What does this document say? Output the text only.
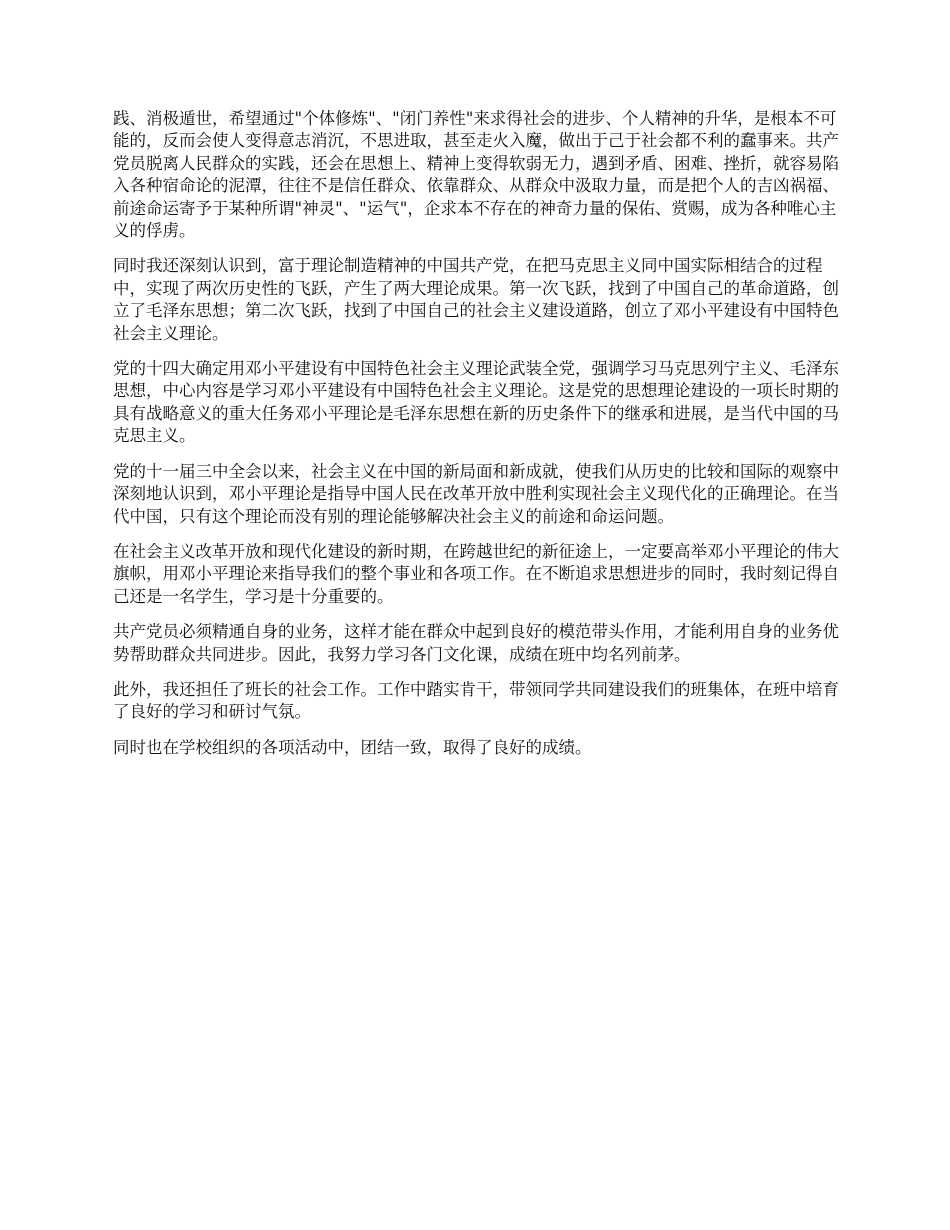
践、消极遁世，希望通过"个体修炼"、"闭门养性"来求得社会的进步、个人精神的升华，是根本不可能的，反而会使人变得意志消沉，不思进取，甚至走火入魔，做出于己于社会都不利的蠢事来。共产党员脱离人民群众的实践，还会在思想上、精神上变得软弱无力，遇到矛盾、困难、挫折，就容易陷入各种宿命论的泥潭，往往不是信任群众、依靠群众、从群众中汲取力量，而是把个人的吉凶祸福、前途命运寄予于某种所谓"神灵"、"运气"，企求本不存在的神奇力量的保佑、赏赐，成为各种唯心主义的俘虏。

同时我还深刻认识到，富于理论制造精神的中国共产党，在把马克思主义同中国实际相结合的过程中，实现了两次历史性的飞跃，产生了两大理论成果。第一次飞跃，找到了中国自己的革命道路，创立了毛泽东思想；第二次飞跃，找到了中国自己的社会主义建设道路，创立了邓小平建设有中国特色社会主义理论。

党的十四大确定用邓小平建设有中国特色社会主义理论武装全党，强调学习马克思列宁主义、毛泽东思想，中心内容是学习邓小平建设有中国特色社会主义理论。这是党的思想理论建设的一项长时期的具有战略意义的重大任务邓小平理论是毛泽东思想在新的历史条件下的继承和进展，是当代中国的马克思主义。

党的十一届三中全会以来，社会主义在中国的新局面和新成就，使我们从历史的比较和国际的观察中深刻地认识到，邓小平理论是指导中国人民在改革开放中胜利实现社会主义现代化的正确理论。在当代中国，只有这个理论而没有别的理论能够解决社会主义的前途和命运问题。

在社会主义改革开放和现代化建设的新时期，在跨越世纪的新征途上，一定要高举邓小平理论的伟大旗帜，用邓小平理论来指导我们的整个事业和各项工作。在不断追求思想进步的同时，我时刻记得自己还是一名学生，学习是十分重要的。

共产党员必须精通自身的业务，这样才能在群众中起到良好的模范带头作用，才能利用自身的业务优势帮助群众共同进步。因此，我努力学习各门文化课，成绩在班中均名列前茅。

此外，我还担任了班长的社会工作。工作中踏实肯干，带领同学共同建设我们的班集体，在班中培育了良好的学习和研讨气氛。

同时也在学校组织的各项活动中，团结一致，取得了良好的成绩。
